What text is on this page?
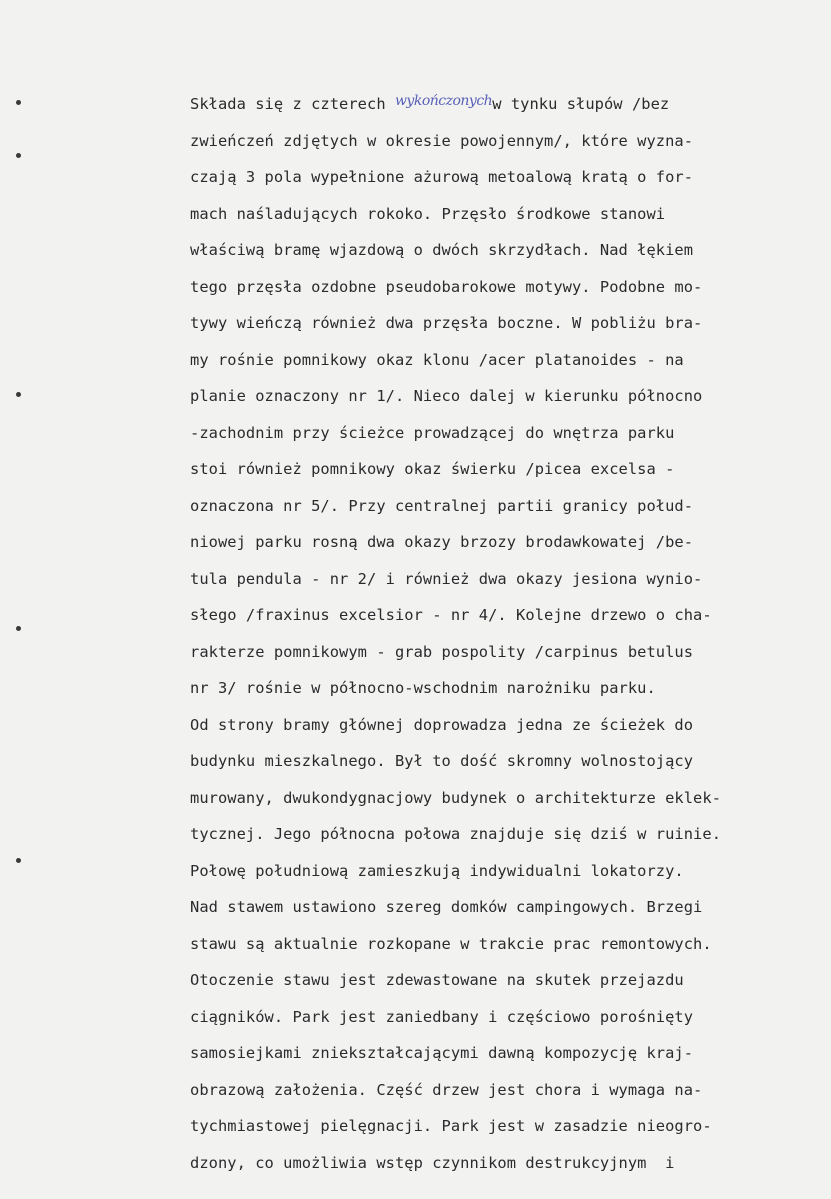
Składa się z czterech wykończonychw tynku słupów /bez
zwieńczeń zdjętych w okresie powojennym/, które wyzna-
czają 3 pola wypełnione ażurową metoalową kratą o for-
mach naśladujących rokoko. Przęsło środkowe stanowi
właściwą bramę wjazdową o dwóch skrzydłach. Nad łękiem
tego przęsła ozdobne pseudobarokowe motywy. Podobne mo-
tywy wieńczą również dwa przęsła boczne. W pobliżu bra-
my rośnie pomnikowy okaz klonu /acer platanoides - na
planie oznaczony nr 1/. Nieco dalej w kierunku północno
-zachodnim przy ścieżce prowadzącej do wnętrza parku
stoi również pomnikowy okaz świerku /picea excelsa -
oznaczona nr 5/. Przy centralnej partii granicy połud-
niowej parku rosną dwa okazy brzozy brodawkowatej /be-
tula pendula - nr 2/ i również dwa okazy jesiona wynio-
słego /fraxinus excelsior - nr 4/. Kolejne drzewo o cha-
rakterze pomnikowym - grab pospolity /carpinus betulus
nr 3/ rośnie w północno-wschodnim narożniku parku.
Od strony bramy głównej doprowadza jedna ze ścieżek do
budynku mieszkalnego. Był to dość skromny wolnostojący
murowany, dwukondygnacjowy budynek o architekturze eklek-
tycznej. Jego północna połowa znajduje się dziś w ruinie.
Połowę południową zamieszkują indywidualni lokatorzy.
Nad stawem ustawiono szereg domków campingowych. Brzegi
stawu są aktualnie rozkopane w trakcie prac remontowych.
Otoczenie stawu jest zdewastowane na skutek przejazdu
ciągników. Park jest zaniedbany i częściowo porośnięty
samosiejkami zniekształcającymi dawną kompozycję kraj-
obrazową założenia. Część drzew jest chora i wymaga na-
tychmiastowej pielęgnacji. Park jest w zasadzie nieogro-
dzony, co umożliwia wstęp czynnikom destrukcyjnym  i
